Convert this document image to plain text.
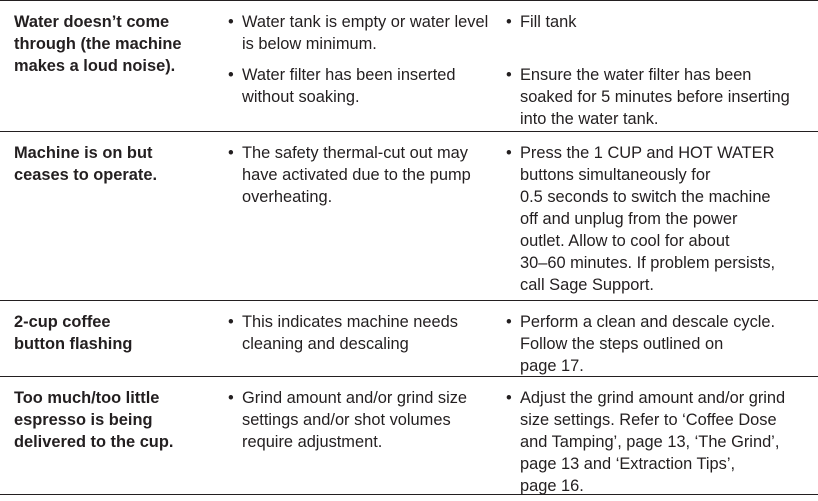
Water doesn’t come
through (the machine
makes a loud noise).
• Water tank is empty or water level
is below minimum.
• Water filter has been inserted
without soaking.
• Fill tank
• Ensure the water filter has been
soaked for 5 minutes before inserting
into the water tank.
Machine is on but
ceases to operate.
• The safety thermal-cut out may
have activated due to the pump
overheating.
• Press the 1 CUP and HOT WATER
buttons simultaneously for
0.5 seconds to switch the machine
off and unplug from the power
outlet. Allow to cool for about
30–60 minutes. If problem persists,
call Sage Support.
2-cup coffee
button flashing
• This indicates machine needs
cleaning and descaling
• Perform a clean and descale cycle.
Follow the steps outlined on
page 17.
Too much/too little
espresso is being
delivered to the cup.
• Grind amount and/or grind size
settings and/or shot volumes
require adjustment.
• Adjust the grind amount and/or grind
size settings. Refer to ‘Coffee Dose
and Tamping’, page 13, ‘The Grind’,
page 13 and ‘Extraction Tips’,
page 16.
